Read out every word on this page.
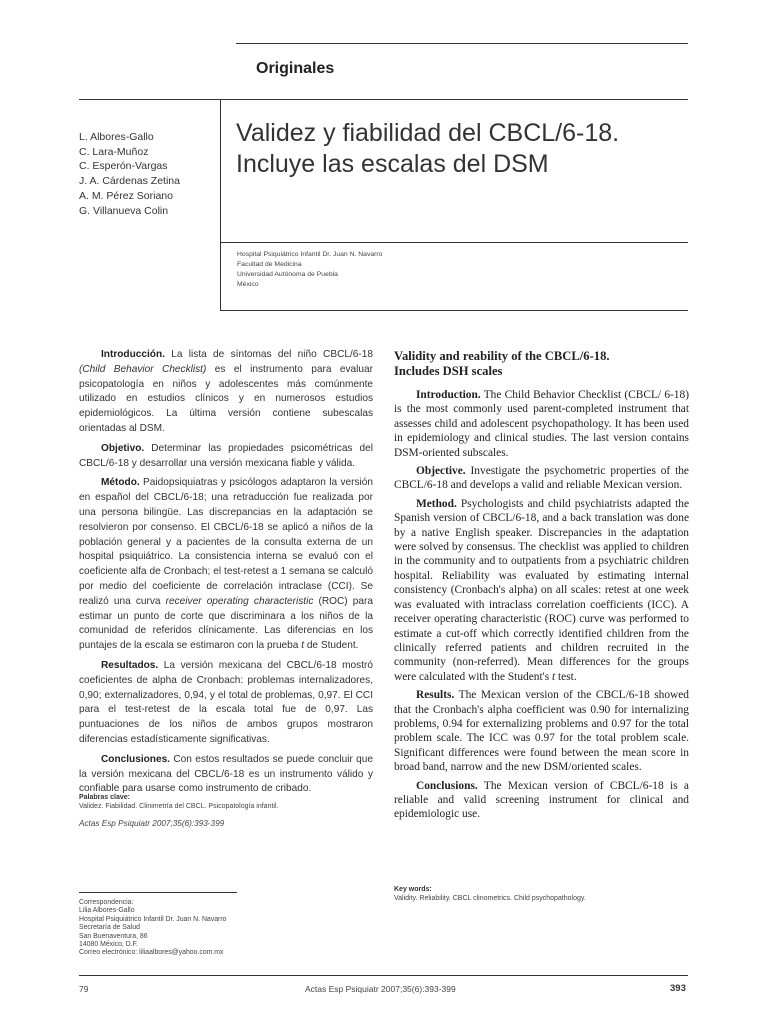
Originales
L. Albores-Gallo
C. Lara-Muñoz
C. Esperón-Vargas
J. A. Cárdenas Zetina
A. M. Pérez Soriano
G. Villanueva Colin
Validez y fiabilidad del CBCL/6-18.
Incluye las escalas del DSM
Hospital Psiquiátrico Infantil Dr. Juan N. Navarro
Facultad de Medicina
Universidad Autónoma de Puebla
México

Introducción. La lista de síntomas del niño CBCL/6-18 (Child Behavior Checklist) es el instrumento para evaluar psicopatología en niños y adolescentes más comúnmente utilizado en estudios clínicos y en numerosos estudios epidemiológicos. La última versión contiene subescalas orientadas al DSM.

Objetivo. Determinar las propiedades psicométricas del CBCL/6-18 y desarrollar una versión mexicana fiable y válida.

Método. Paidopsiquiatras y psicólogos adaptaron la versión en español del CBCL/6-18; una retraducción fue realizada por una persona bilingüe. Las discrepancias en la adaptación se resolvieron por consenso. El CBCL/6-18 se aplicó a niños de la población general y a pacientes de la consulta externa de un hospital psiquiátrico. La consistencia interna se evaluó con el coeficiente alfa de Cronbach; el test-retest a 1 semana se calculó por medio del coeficiente de correlación intraclase (CCI). Se realizó una curva receiver operating characteristic (ROC) para estimar un punto de corte que discriminara a los niños de la comunidad de referidos clínicamente. Las diferencias en los puntajes de la escala se estimaron con la prueba t de Student.

Resultados. La versión mexicana del CBCL/6-18 mostró coeficientes de alpha de Cronbach: problemas internalizadores, 0,90; externalizadores, 0,94, y el total de problemas, 0,97. El CCI para el test-retest de la escala total fue de 0,97. Las puntuaciones de los niños de ambos grupos mostraron diferencias estadísticamente significativas.

Conclusiones. Con estos resultados se puede concluir que la versión mexicana del CBCL/6-18 es un instrumento válido y confiable para usarse como instrumento de cribado.

Palabras clave:
Validez. Fiabilidad. Clinimetría del CBCL. Psicopatología infantil.
Actas Esp Psiquiatr 2007;35(6):393-399
Validity and reability of the CBCL/6-18.
Includes DSH scales

Introduction. The Child Behavior Checklist (CBCL/ 6-18) is the most commonly used parent-completed instrument that assesses child and adolescent psychopathology. It has been used in epidemiology and clinical studies. The last version contains DSM-oriented subscales.

Objective. Investigate the psychometric properties of the CBCL/6-18 and develops a valid and reliable Mexican version.

Method. Psychologists and child psychiatrists adapted the Spanish version of CBCL/6-18, and a back translation was done by a native English speaker. Discrepancies in the adaptation were solved by consensus. The checklist was applied to children in the community and to outpatients from a psychiatric children hospital. Reliability was evaluated by estimating internal consistency (Cronbach's alpha) on all scales: retest at one week was evaluated with intraclass correlation coefficients (ICC). A receiver operating characteristic (ROC) curve was performed to estimate a cut-off which correctly identified children from the clinically referred patients and children recruited in the community (non-referred). Mean differences for the groups were calculated with the Student's t test.

Results. The Mexican version of the CBCL/6-18 showed that the Cronbach's alpha coefficient was 0.90 for internalizing problems, 0.94 for externalizing problems and 0.97 for the total problem scale. The ICC was 0.97 for the total problem scale. Significant differences were found between the mean score in broad band, narrow and the new DSM/oriented scales.

Conclusions. The Mexican version of CBCL/6-18 is a reliable and valid screening instrument for clinical and epidemiologic use.

Key words:
Validity. Reliability. CBCL clinometrics. Child psychopathology.
Correspondencia:
Lilia Albores-Gallo
Hospital Psiquiátrico Infantil Dr. Juan N. Navarro
Secretaría de Salud
San Buenaventura, 86
14080 México, D.F.
Correo electrónico: liliaalbores@yahoo.com.mx
79	Actas Esp Psiquiatr 2007;35(6):393-399	393
